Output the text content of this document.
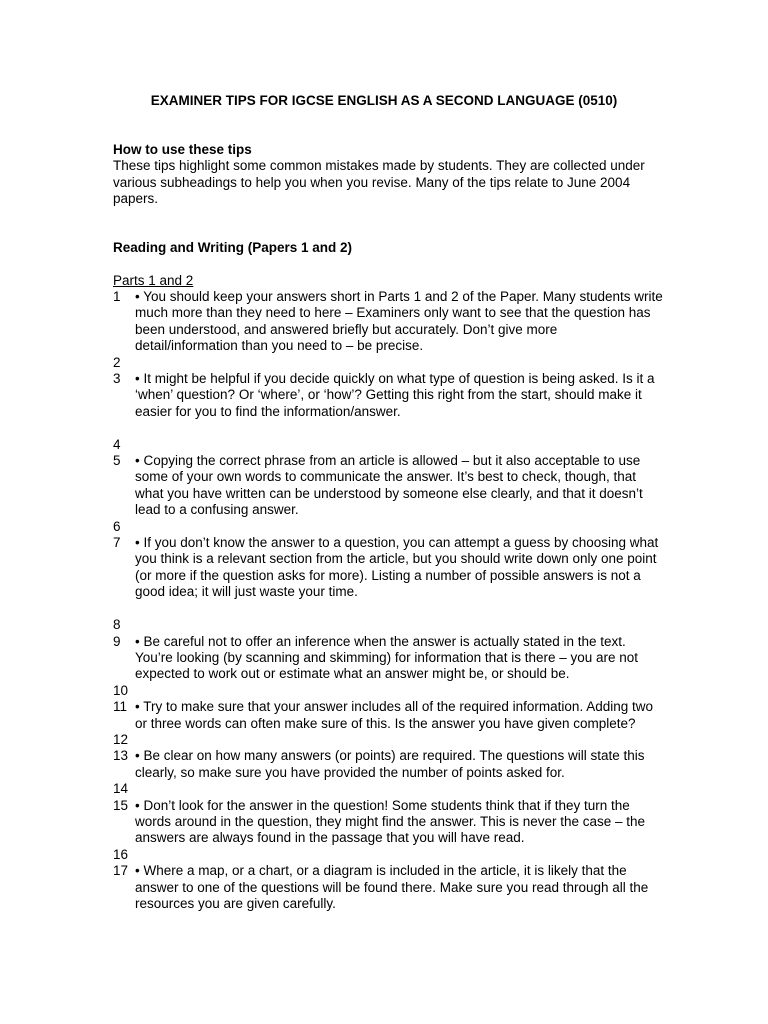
EXAMINER TIPS FOR IGCSE ENGLISH AS A SECOND LANGUAGE (0510)
How to use these tips

These tips highlight some common mistakes made by students. They are collected under various subheadings to help you when you revise. Many of the tips relate to June 2004 papers.

Reading and Writing (Papers 1 and 2)
Parts 1 and 2
1	• You should keep your answers short in Parts 1 and 2 of the Paper. Many students write much more than they need to here – Examiners only want to see that the question has been understood, and answered briefly but accurately. Don’t give more detail/information than you need to – be precise.
2
3	• It might be helpful if you decide quickly on what type of question is being asked. Is it a ‘when’ question? Or ‘where’, or ‘how’? Getting this right from the start, should make it easier for you to find the information/answer.
4
5	• Copying the correct phrase from an article is allowed – but it also acceptable to use some of your own words to communicate the answer. It’s best to check, though, that what you have written can be understood by someone else clearly, and that it doesn’t lead to a confusing answer.
6
7	• If you don’t know the answer to a question, you can attempt a guess by choosing what you think is a relevant section from the article, but you should write down only one point (or more if the question asks for more). Listing a number of possible answers is not a good idea; it will just waste your time.
8
9	• Be careful not to offer an inference when the answer is actually stated in the text. You’re looking (by scanning and skimming) for information that is there – you are not expected to work out or estimate what an answer might be, or should be.
10
11 • Try to make sure that your answer includes all of the required information. Adding two or three words can often make sure of this. Is the answer you have given complete?
12
13 • Be clear on how many answers (or points) are required. The questions will state this clearly, so make sure you have provided the number of points asked for.
14
15 • Don’t look for the answer in the question! Some students think that if they turn the words around in the question, they might find the answer. This is never the case – the answers are always found in the passage that you will have read.
16
17 • Where a map, or a chart, or a diagram is included in the article, it is likely that the answer to one of the questions will be found there. Make sure you read through all the resources you are given carefully.
